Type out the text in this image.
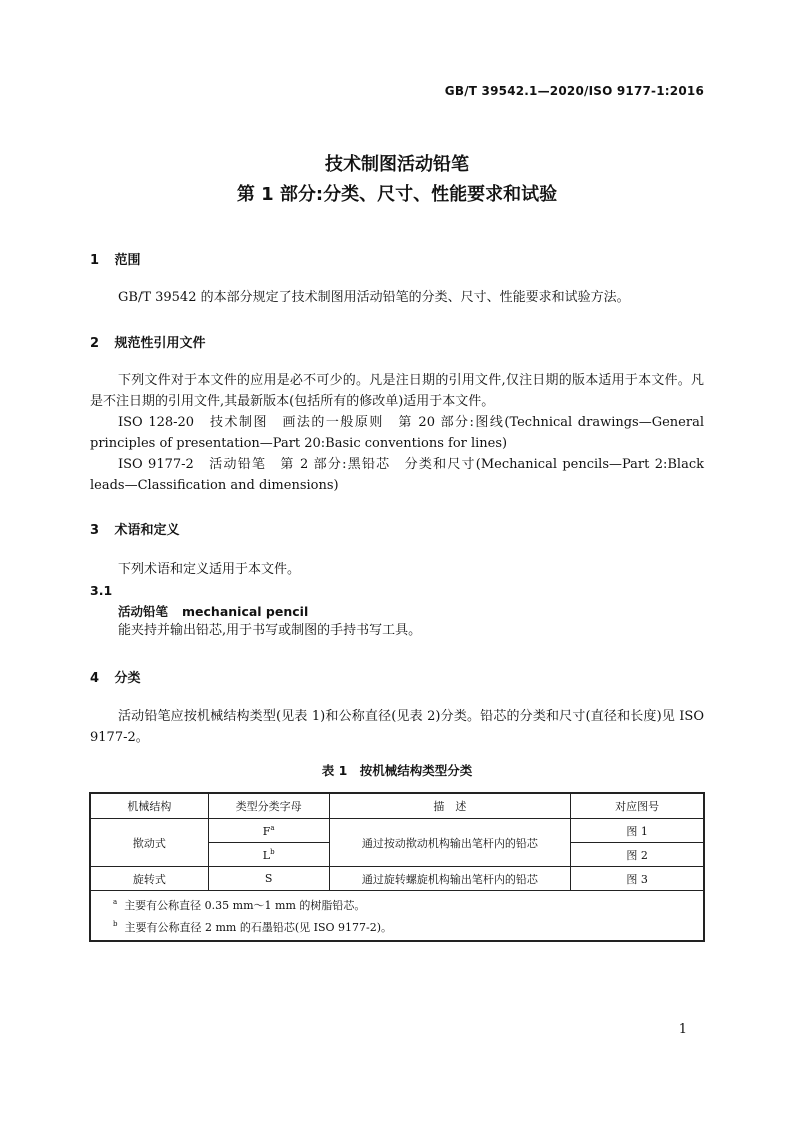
GB/T 39542.1—2020/ISO 9177-1:2016
技术制图活动铅笔
第 1 部分:分类、尺寸、性能要求和试验
1 范围
GB/T 39542 的本部分规定了技术制图用活动铅笔的分类、尺寸、性能要求和试验方法。
2 规范性引用文件
下列文件对于本文件的应用是必不可少的。凡是注日期的引用文件,仅注日期的版本适用于本文件。凡是不注日期的引用文件,其最新版本(包括所有的修改单)适用于本文件。
ISO 128-20　技术制图　画法的一般原则　第 20 部分:图线(Technical drawings—General principles of presentation—Part 20:Basic conventions for lines)
ISO 9177-2　活动铅笔　第 2 部分:黑铅芯　分类和尺寸(Mechanical pencils—Part 2:Black leads—Classification and dimensions)
3 术语和定义
下列术语和定义适用于本文件。
3.1
活动铅笔 mechanical pencil
能夹持并输出铅芯,用于书写或制图的手持书写工具。
4 分类
活动铅笔应按机械结构类型(见表 1)和公称直径(见表 2)分类。铅芯的分类和尺寸(直径和长度)见 ISO 9177-2。
表 1　按机械结构类型分类
机械结构	类型分类字母	描　述	对应图号
揿动式	$F^a$	通过按动揿动机构输出笔杆内的铅芯	图 1
	$L^b$		图 2
旋转式	S	通过旋转螺旋机构输出笔杆内的铅芯	图 3

$^a$ 主要有公称直径 0.35 mm～1 mm 的树脂铅芯。
$^b$ 主要有公称直径 2 mm 的石墨铅芯(见 ISO 9177-2)。			
1
